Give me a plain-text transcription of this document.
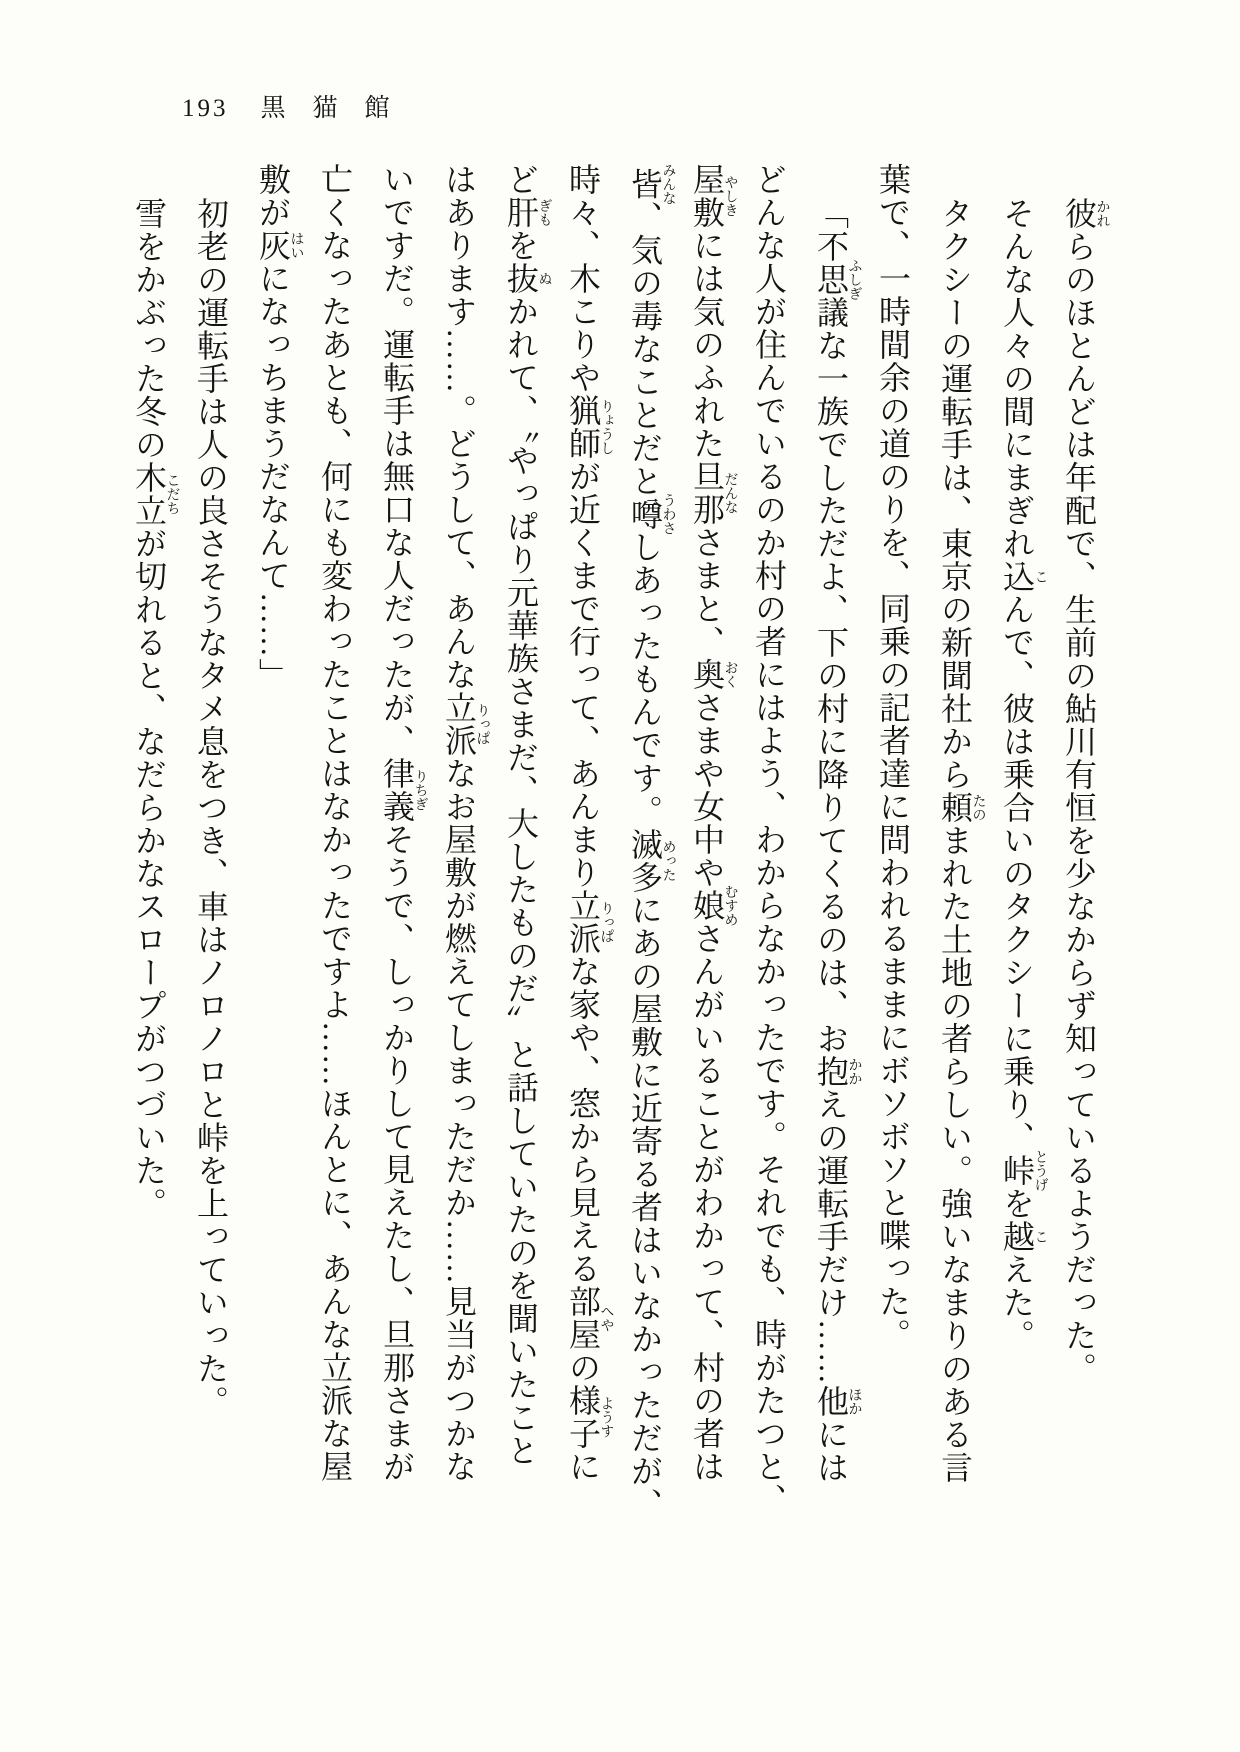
193 黒猫館
彼かれらのほとんどは年配で、生前の鮎川有恒を少なからず知っているようだった。
そんな人々の間にまぎれ込こんで、彼は乗合いのタクシーに乗り、峠とうげを越こえた。
タクシーの運転手は、東京の新聞社から頼たのまれた土地の者らしい。強いなまりのある言
葉で、一時間余の道のりを、同乗の記者達に問われるままにボソボソと喋った。
「不思議ふしぎな一族でしただよ、下の村に降りてくるのは、お抱かかえの運転手だけ……他ほかには
どんな人が住んでいるのか村の者にはよう、わからなかったです。それでも、時がたつと、
屋敷やしきには気のふれた旦那だんなさまと、奥おくさまや女中や娘むすめさんがいることがわかって、村の者は
皆みんな、気の毒なことだと噂うわさしあったもんです。滅多めったにあの屋敷に近寄る者はいなかっただが、
時々、木こりや猟師りょうしが近くまで行って、あんまり立派りっぱな家や、窓から見える部屋へやの様子ようすに
ど肝ぎもを抜ぬかれて、〝やっぱり元華族さまだ、大したものだ〟と話していたのを聞いたこと
はあります……。どうして、あんな立派りっぱなお屋敷が燃えてしまっただか……見当がつかな
いですだ。運転手は無口な人だったが、律義りちぎそうで、しっかりして見えたし、旦那さまが
亡くなったあとも、何にも変わったことはなかったですよ……ほんとに、あんな立派な屋
敷が灰はいになっちまうだなんて……」
初老の運転手は人の良さそうなタメ息をつき、車はノロノロと峠を上っていった。
雪をかぶった冬の木立こだちが切れると、なだらかなスロープがつづいた。
